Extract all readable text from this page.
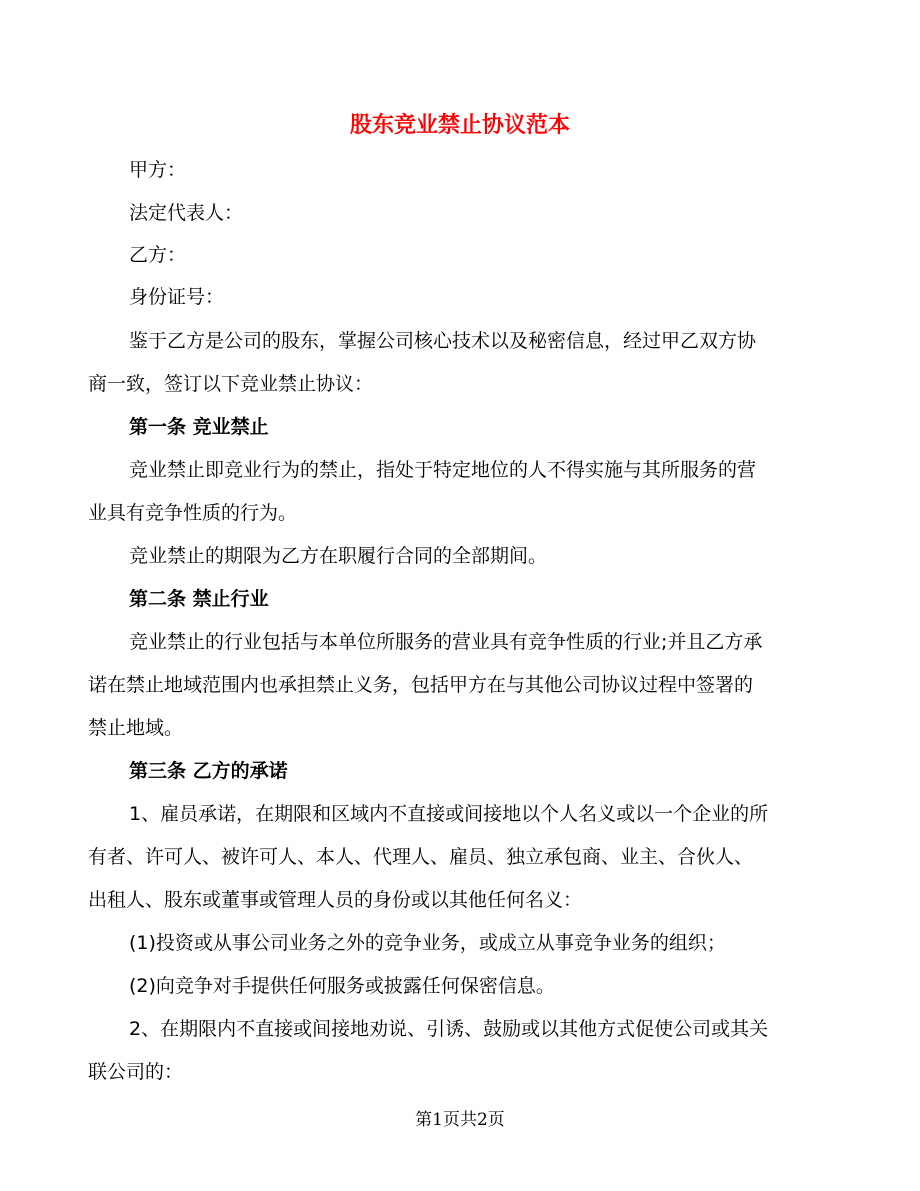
股东竞业禁止协议范本

甲方：

法定代表人：

乙方：

身份证号：

鉴于乙方是公司的股东，掌握公司核心技术以及秘密信息，经过甲乙双方协

商一致，签订以下竞业禁止协议：

第一条 竞业禁止

竞业禁止即竞业行为的禁止，指处于特定地位的人不得实施与其所服务的营

业具有竞争性质的行为。

竞业禁止的期限为乙方在职履行合同的全部期间。

第二条 禁止行业

竞业禁止的行业包括与本单位所服务的营业具有竞争性质的行业;并且乙方承

诺在禁止地域范围内也承担禁止义务，包括甲方在与其他公司协议过程中签署的

禁止地域。

第三条 乙方的承诺

1、雇员承诺，在期限和区域内不直接或间接地以个人名义或以一个企业的所

有者、许可人、被许可人、本人、代理人、雇员、独立承包商、业主、合伙人、

出租人、股东或董事或管理人员的身份或以其他任何名义：

(1)投资或从事公司业务之外的竞争业务，或成立从事竞争业务的组织；

(2)向竞争对手提供任何服务或披露任何保密信息。

2、在期限内不直接或间接地劝说、引诱、鼓励或以其他方式促使公司或其关

联公司的：

第1页共2页
